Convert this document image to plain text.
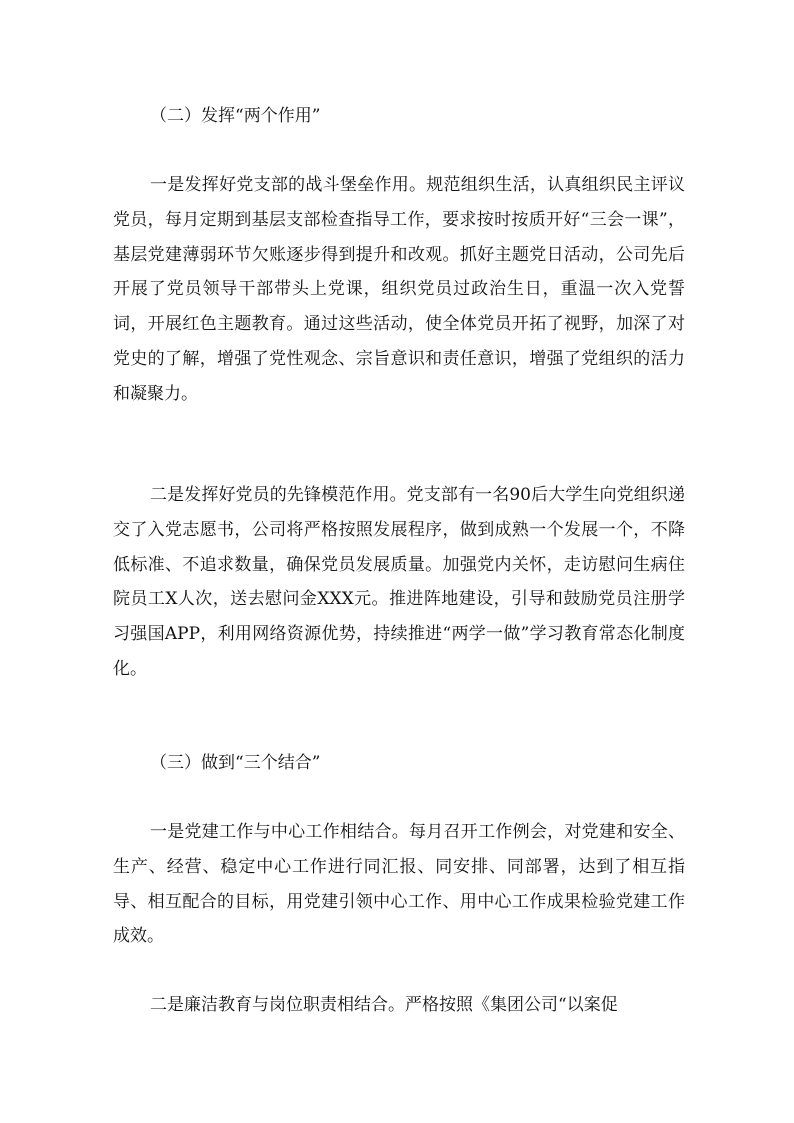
（二）发挥“两个作用”

一是发挥好党支部的战斗堡垒作用。规范组织生活，认真组织民主评议党员，每月定期到基层支部检查指导工作，要求按时按质开好“三会一课”，基层党建薄弱环节欠账逐步得到提升和改观。抓好主题党日活动，公司先后开展了党员领导干部带头上党课，组织党员过政治生日，重温一次入党誓词，开展红色主题教育。通过这些活动，使全体党员开拓了视野，加深了对党史的了解，增强了党性观念、宗旨意识和责任意识，增强了党组织的活力和凝聚力。

二是发挥好党员的先锋模范作用。党支部有一名90后大学生向党组织递交了入党志愿书，公司将严格按照发展程序，做到成熟一个发展一个，不降低标准、不追求数量，确保党员发展质量。加强党内关怀，走访慰问生病住院员工X人次，送去慰问金XXX元。推进阵地建设，引导和鼓励党员注册学习强国APP，利用网络资源优势，持续推进“两学一做”学习教育常态化制度化。

（三）做到“三个结合”

一是党建工作与中心工作相结合。每月召开工作例会，对党建和安全、生产、经营、稳定中心工作进行同汇报、同安排、同部署，达到了相互指导、相互配合的目标，用党建引领中心工作、用中心工作成果检验党建工作成效。

二是廉洁教育与岗位职责相结合。严格按照《集团公司“以案促
